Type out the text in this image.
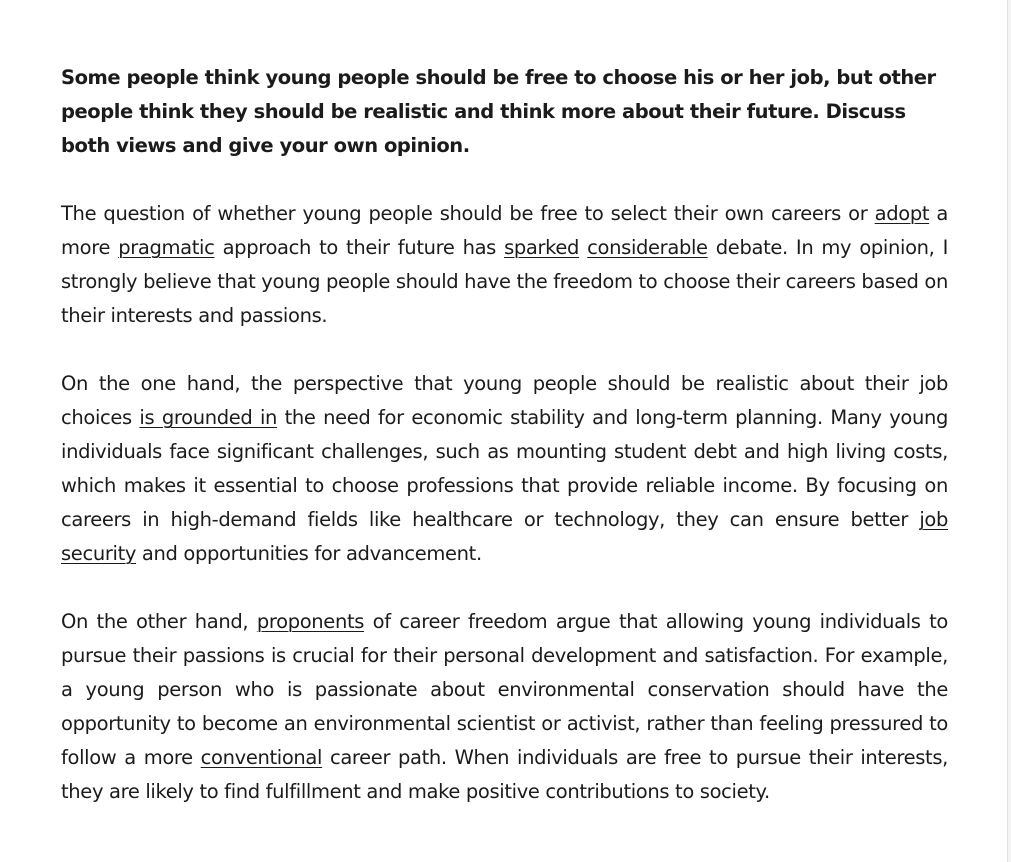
Some people think young people should be free to choose his or her job, but other people think they should be realistic and think more about their future. Discuss both views and give your own opinion.

The question of whether young people should be free to select their own careers or adopt a more pragmatic approach to their future has sparked considerable debate. In my opinion, I strongly believe that young people should have the freedom to choose their careers based on their interests and passions.

On the one hand, the perspective that young people should be realistic about their job choices is grounded in the need for economic stability and long-term planning. Many young individuals face significant challenges, such as mounting student debt and high living costs, which makes it essential to choose professions that provide reliable income. By focusing on careers in high-demand fields like healthcare or technology, they can ensure better job security and opportunities for advancement.

On the other hand, proponents of career freedom argue that allowing young individuals to pursue their passions is crucial for their personal development and satisfaction. For example, a young person who is passionate about environmental conservation should have the opportunity to become an environmental scientist or activist, rather than feeling pressured to follow a more conventional career path. When individuals are free to pursue their interests, they are likely to find fulfillment and make positive contributions to society.
